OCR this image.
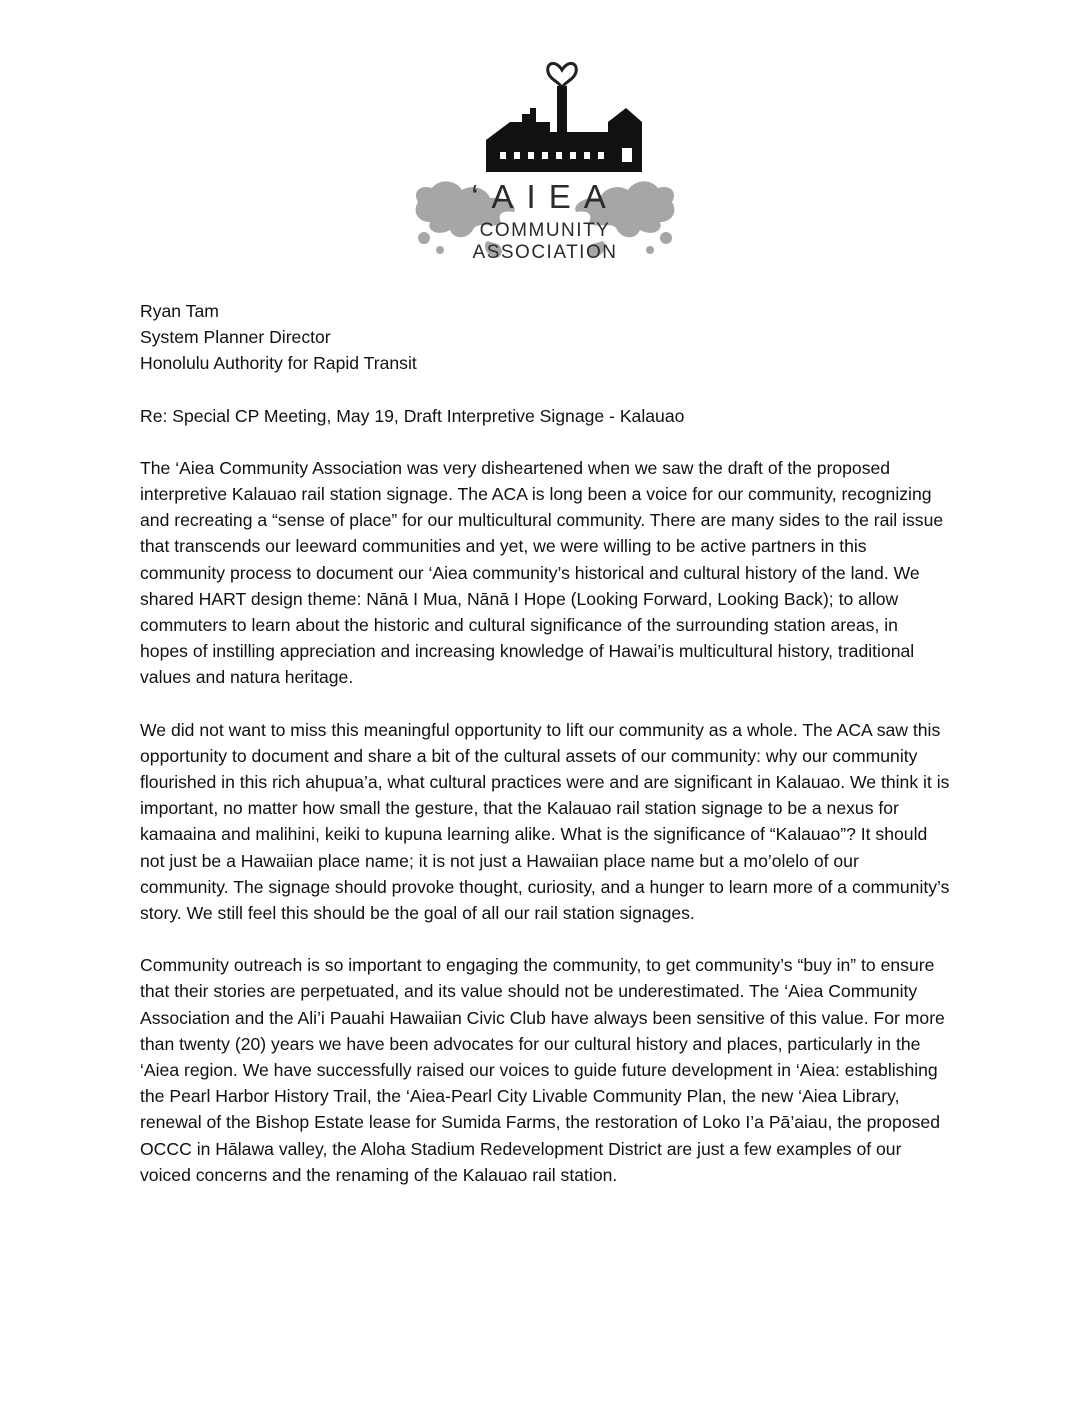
‘AIEA
COMMUNITY
ASSOCIATION
Ryan Tam
System Planner Director
Honolulu Authority for Rapid Transit
Re: Special CP Meeting, May 19, Draft Interpretive Signage - Kalauao

The ‘Aiea Community Association was very disheartened when we saw the draft of the proposed interpretive Kalauao rail station signage. The ACA is long been a voice for our community, recognizing and recreating a “sense of place” for our multicultural community. There are many sides to the rail issue that transcends our leeward communities and yet, we were willing to be active partners in this community process to document our ‘Aiea community’s historical and cultural history of the land. We shared HART design theme: Nānā I Mua, Nānā I Hope (Looking Forward, Looking Back); to allow commuters to learn about the historic and cultural significance of the surrounding station areas, in hopes of instilling appreciation and increasing knowledge of Hawai’is multicultural history, traditional values and natura heritage.

We did not want to miss this meaningful opportunity to lift our community as a whole. The ACA saw this opportunity to document and share a bit of the cultural assets of our community: why our community flourished in this rich ahupua’a, what cultural practices were and are significant in Kalauao. We think it is important, no matter how small the gesture, that the Kalauao rail station signage to be a nexus for kamaaina and malihini, keiki to kupuna learning alike. What is the significance of “Kalauao”? It should not just be a Hawaiian place name; it is not just a Hawaiian place name but a mo’olelo of our community. The signage should provoke thought, curiosity, and a hunger to learn more of a community’s story. We still feel this should be the goal of all our rail station signages.

Community outreach is so important to engaging the community, to get community’s “buy in” to ensure that their stories are perpetuated, and its value should not be underestimated. The ‘Aiea Community Association and the Ali’i Pauahi Hawaiian Civic Club have always been sensitive of this value. For more than twenty (20) years we have been advocates for our cultural history and places, particularly in the ‘Aiea region. We have successfully raised our voices to guide future development in ‘Aiea: establishing the Pearl Harbor History Trail, the ‘Aiea-Pearl City Livable Community Plan, the new ‘Aiea Library, renewal of the Bishop Estate lease for Sumida Farms, the restoration of Loko I’a Pā’aiau, the proposed OCCC in Hālawa valley, the Aloha Stadium Redevelopment District are just a few examples of our voiced concerns and the renaming of the Kalauao rail station.
